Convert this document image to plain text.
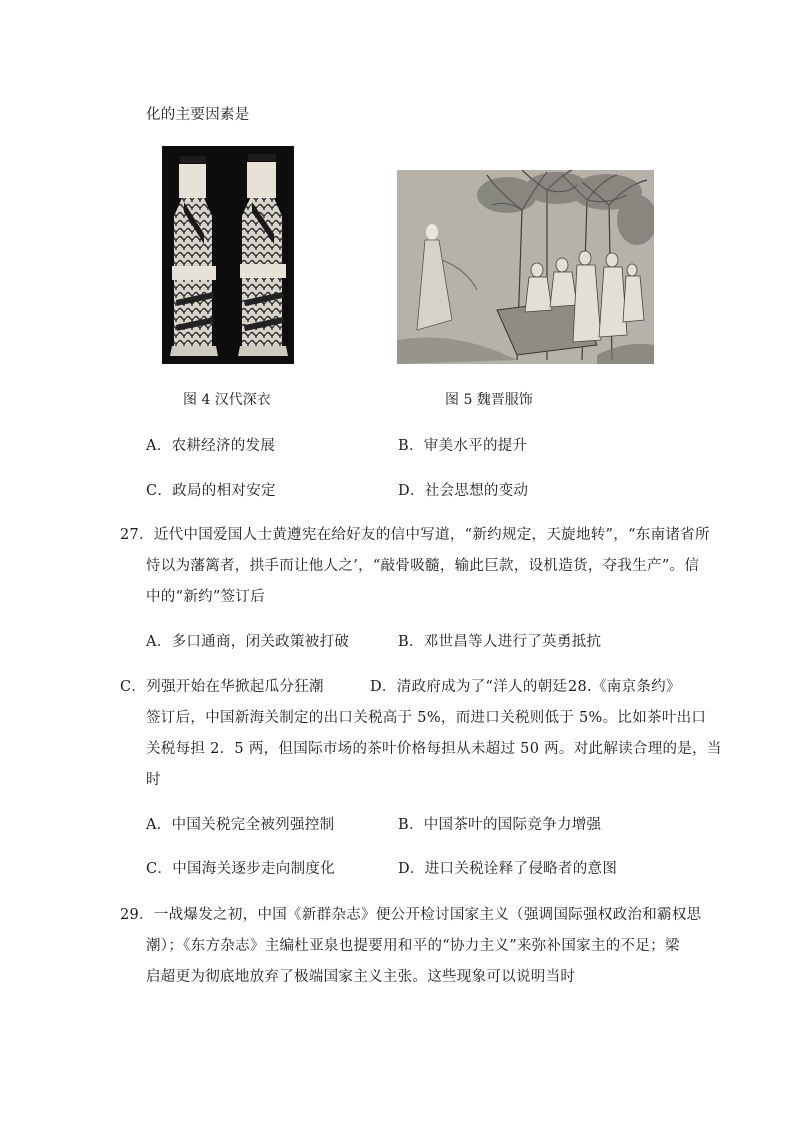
化的主要因素是
图 4 汉代深衣	图 5 魏晋服饰
A．农耕经济的发展	B．审美水平的提升
C．政局的相对安定	D．社会思想的变动
27．近代中国爱国人士黄遵宪在给好友的信中写道，“新约规定，天旋地转”，“东南诸省所
恃以为藩篱者，拱手而让他人之’，“敲骨吸髓，输此巨款，设机造货，夺我生产”。信
中的“新约”签订后
A．多口通商，闭关政策被打破	B．邓世昌等人进行了英勇抵抗
C．列强开始在华掀起瓜分狂潮	D．清政府成为了“洋人的朝廷 28.《南京条约》
签订后，中国新海关制定的出口关税高于 5%，而进口关税则低于 5%。比如茶叶出口
关税每担 2．5 两，但国际市场的茶叶价格每担从未超过 50 两。对此解读合理的是，当
时
A．中国关税完全被列强控制	B．中国茶叶的国际竞争力增强
C．中国海关逐步走向制度化	D．进口关税诠释了侵略者的意图
29．一战爆发之初，中国《新群杂志》便公开检讨国家主义（强调国际强权政治和霸权思
潮）；《东方杂志》主编杜亚泉也提要用和平的“协力主义”来弥补国家主的不足；梁
启超更为彻底地放弃了极端国家主义主张。这些现象可以说明当时
